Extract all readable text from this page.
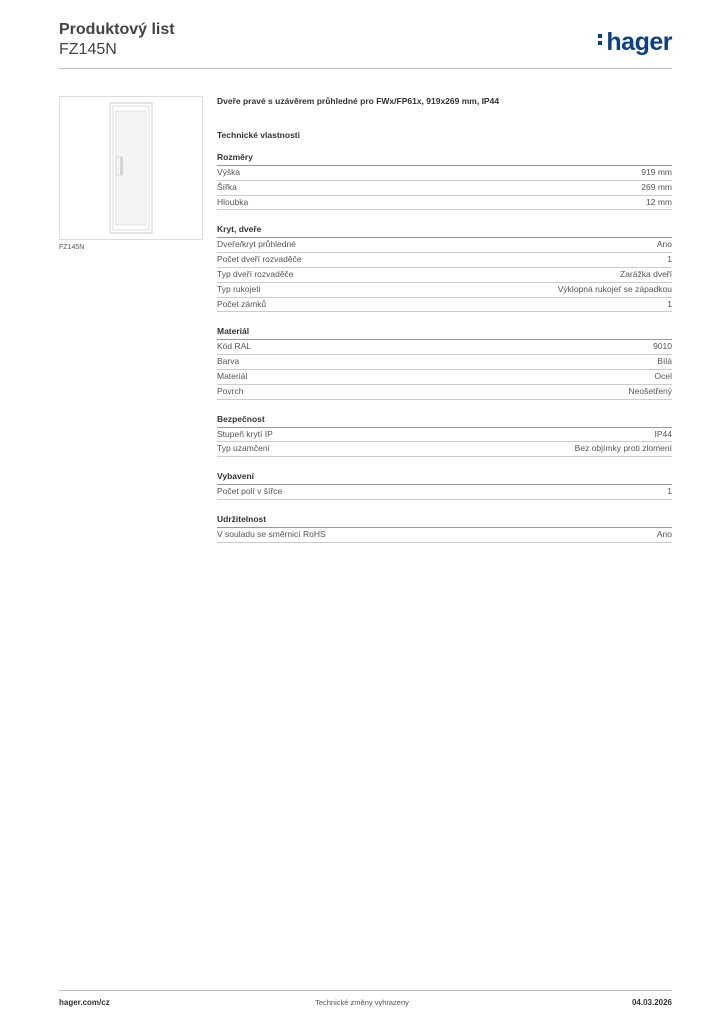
Produktový list
FZ145N	hager
FZ145N
Dveře pravé s uzávěrem průhledné pro FWx/FP61x, 919x269 mm, IP44
Technické vlastnosti
Rozměry
Výška	919 mm
Šířka	269 mm
Hloubka	12 mm
Kryt, dveře
Dveře/kryt průhledné	Ano
Počet dveří rozvaděče	1
Typ dveří rozvaděče	Zarážka dveří
Typ rukojeti	Výklopná rukojeť se západkou
Počet zámků	1
Materiál
Kód RAL	9010
Barva	Bílá
Materiál	Ocel
Povrch	Neošetřený
Bezpečnost
Stupeň krytí IP	IP44
Typ uzamčení	Bez objímky proti zlomení
Vybavení
Počet polí v šířce	1
Udržitelnost
V souladu se směrnicí RoHS	Ano
hager.com/cz	Technické změny vyhrazeny	04.03.2026
